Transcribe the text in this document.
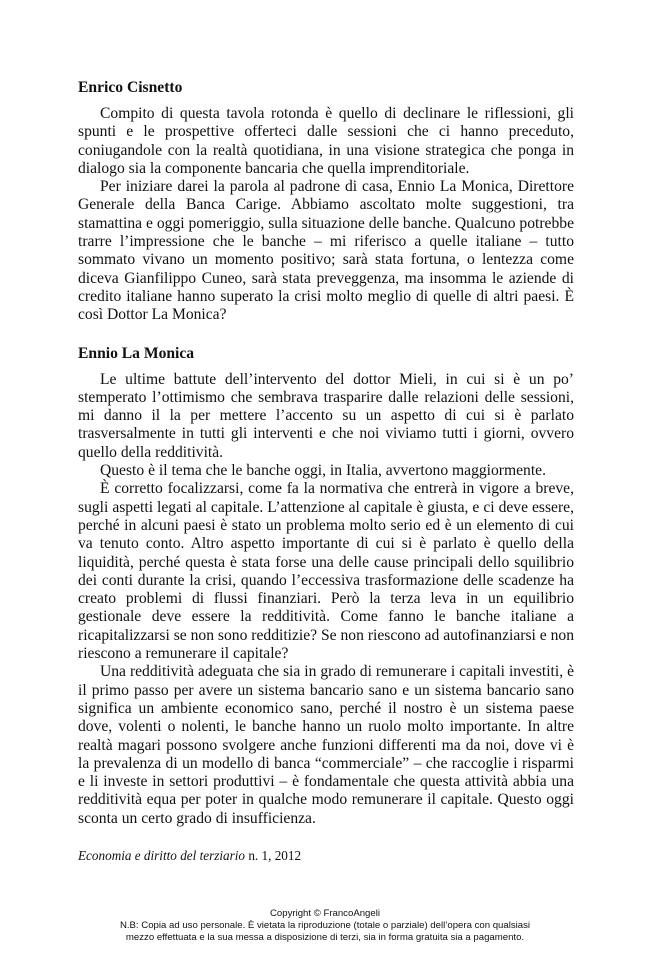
Enrico Cisnetto

Compito di questa tavola rotonda è quello di declinare le riflessioni, gli spunti e le prospettive offerteci dalle sessioni che ci hanno preceduto, coniugandole con la realtà quotidiana, in una visione strategica che ponga in dialogo sia la componente bancaria che quella imprenditoriale.

Per iniziare darei la parola al padrone di casa, Ennio La Monica, Direttore Generale della Banca Carige. Abbiamo ascoltato molte suggestioni, tra stamattina e oggi pomeriggio, sulla situazione delle banche. Qualcuno potrebbe trarre l’impressione che le banche – mi riferisco a quelle italiane – tutto sommato vivano un momento positivo; sarà stata fortuna, o lentezza come diceva Gianfilippo Cuneo, sarà stata preveggenza, ma insomma le aziende di credito italiane hanno superato la crisi molto meglio di quelle di altri paesi. È così Dottor La Monica?

Ennio La Monica

Le ultime battute dell’intervento del dottor Mieli, in cui si è un po’ stemperato l’ottimismo che sembrava trasparire dalle relazioni delle sessioni, mi danno il la per mettere l’accento su un aspetto di cui si è parlato trasversalmente in tutti gli interventi e che noi viviamo tutti i giorni, ovvero quello della redditività.

Questo è il tema che le banche oggi, in Italia, avvertono maggiormente.

È corretto focalizzarsi, come fa la normativa che entrerà in vigore a breve, sugli aspetti legati al capitale. L’attenzione al capitale è giusta, e ci deve essere, perché in alcuni paesi è stato un problema molto serio ed è un elemento di cui va tenuto conto. Altro aspetto importante di cui si è parlato è quello della liquidità, perché questa è stata forse una delle cause principali dello squilibrio dei conti durante la crisi, quando l’eccessiva trasformazione delle scadenze ha creato problemi di flussi finanziari. Però la terza leva in un equilibrio gestionale deve essere la redditività. Come fanno le banche italiane a ricapitalizzarsi se non sono redditizie? Se non riescono ad autofinanziarsi e non riescono a remunerare il capitale?

Una redditività adeguata che sia in grado di remunerare i capitali investiti, è il primo passo per avere un sistema bancario sano e un sistema bancario sano significa un ambiente economico sano, perché il nostro è un sistema paese dove, volenti o nolenti, le banche hanno un ruolo molto importante. In altre realtà magari possono svolgere anche funzioni differenti ma da noi, dove vi è la prevalenza di un modello di banca “commerciale” – che raccoglie i risparmi e li investe in settori produttivi – è fondamentale che questa attività abbia una redditività equa per poter in qualche modo remunerare il capitale. Questo oggi sconta un certo grado di insufficienza.

Economia e diritto del terziario n. 1, 2012
Copyright © FrancoAngeli
N.B: Copia ad uso personale. È vietata la riproduzione (totale o parziale) dell’opera con qualsiasi
mezzo effettuata e la sua messa a disposizione di terzi, sia in forma gratuita sia a pagamento.
